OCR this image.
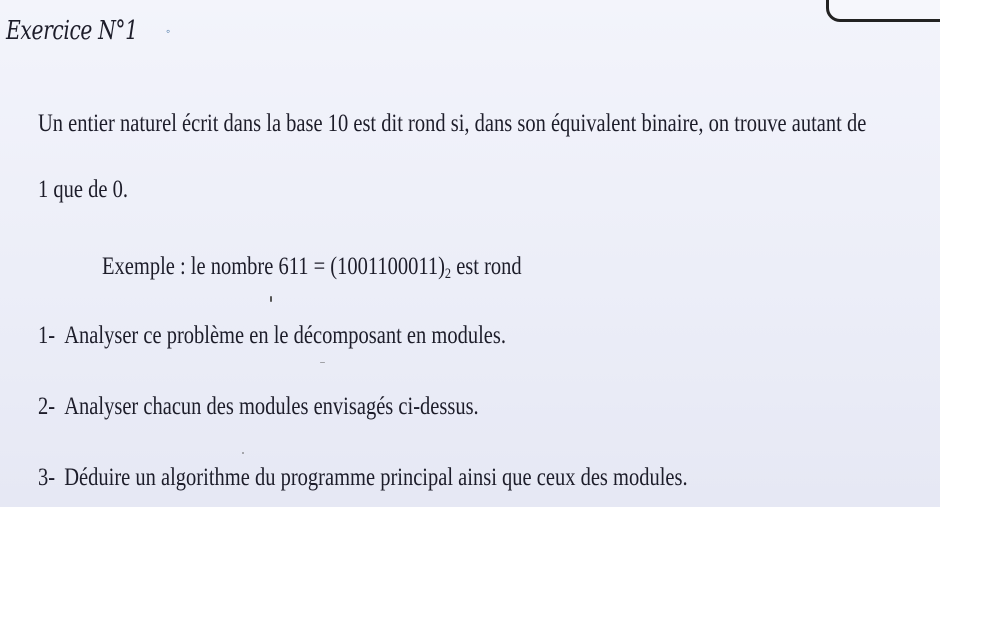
Exercice N°1 ◦
Un entier naturel écrit dans la base 10 est dit rond si, dans son équivalent binaire, on trouve autant de
1 que de 0.
Exemple : le nombre $611 = (1001100011)_2$ est rond
1- Analyser ce problème en le décomposant en modules.
2- Analyser chacun des modules envisagés ci-dessus.
3- Déduire un algorithme du programme principal ainsi que ceux des modules.
